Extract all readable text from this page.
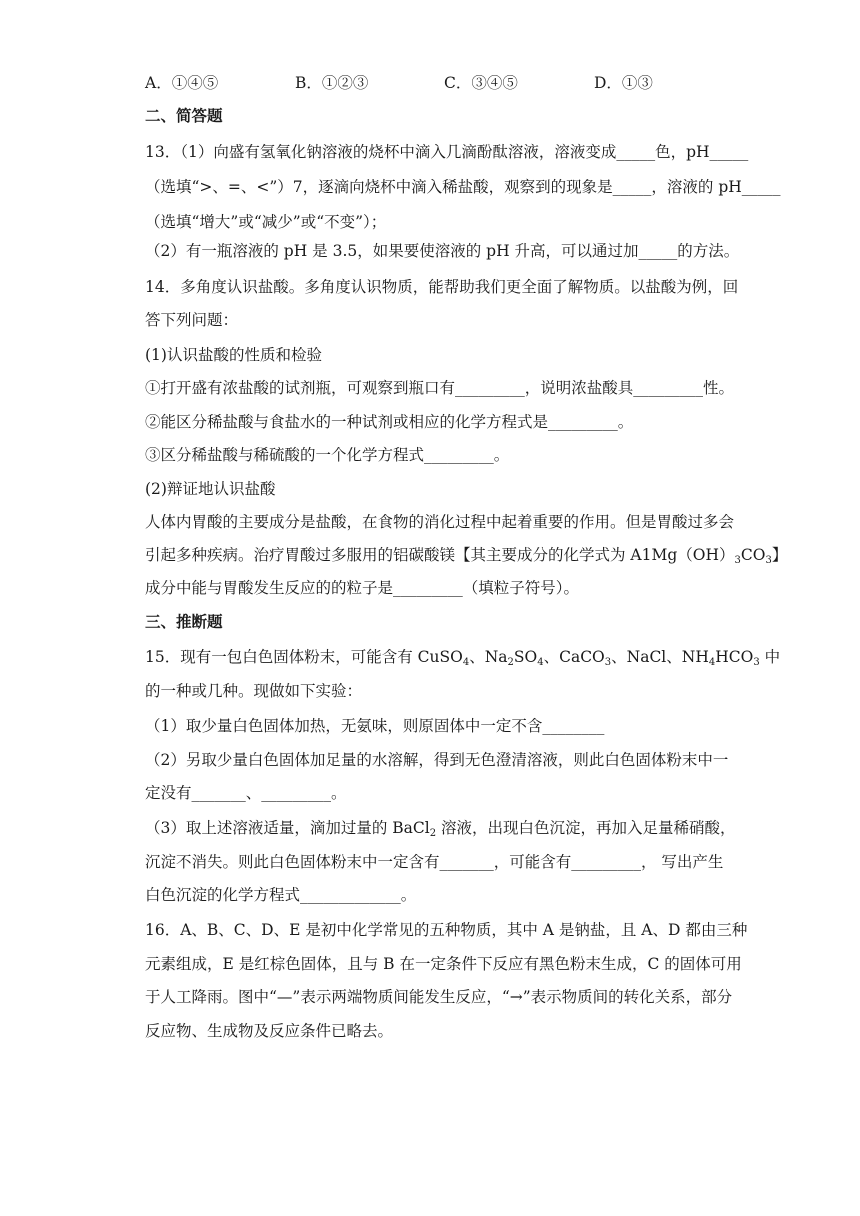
A．①④⑤	B．①②③	C．③④⑤	D．①③
二、简答题
13．（1）向盛有氢氧化钠溶液的烧杯中滴入几滴酚酞溶液，溶液变成_____色，pH_____
（选填“>、=、<”）7，逐滴向烧杯中滴入稀盐酸，观察到的现象是_____，溶液的 pH_____
（选填“增大”或“减少”或“不变”）；
（2）有一瓶溶液的 pH 是 3.5，如果要使溶液的 pH 升高，可以通过加_____的方法。
14．多角度认识盐酸。多角度认识物质，能帮助我们更全面了解物质。以盐酸为例，回
答下列问题：
(1)认识盐酸的性质和检验
①打开盛有浓盐酸的试剂瓶，可观察到瓶口有_________，说明浓盐酸具_________性。
②能区分稀盐酸与食盐水的一种试剂或相应的化学方程式是_________。
③区分稀盐酸与稀硫酸的一个化学方程式_________。
(2)辩证地认识盐酸
人体内胃酸的主要成分是盐酸，在食物的消化过程中起着重要的作用。但是胃酸过多会
引起多种疾病。治疗胃酸过多服用的铝碳酸镁【其主要成分的化学式为 $A1Mg(OH)_3CO_3$】
成分中能与胃酸发生反应的的粒子是_________（填粒子符号）。
三、推断题
15．现有一包白色固体粉末，可能含有 CuSO$_4$、$Na_2SO_4$、CaCO$_3$、NaCl、$NH_4HCO_3$ 中
的一种或几种。现做如下实验：
（1）取少量白色固体加热，无氨味，则原固体中一定不含________
（2）另取少量白色固体加足量的水溶解，得到无色澄清溶液，则此白色固体粉末中一
定没有_______、_________。
（3）取上述溶液适量，滴加过量的 BaCl$_2$ 溶液，出现白色沉淀，再加入足量稀硝酸，
沉淀不消失。则此白色固体粉末中一定含有_______，可能含有_________， 写出产生
白色沉淀的化学方程式_____________。
16．A、B、C、D、E 是初中化学常见的五种物质，其中 A 是钠盐，且 A、D 都由三种
元素组成，E 是红棕色固体，且与 B 在一定条件下反应有黑色粉末生成，C 的固体可用
于人工降雨。图中“—”表示两端物质间能发生反应，“→”表示物质间的转化关系，部分
反应物、生成物及反应条件已略去。
